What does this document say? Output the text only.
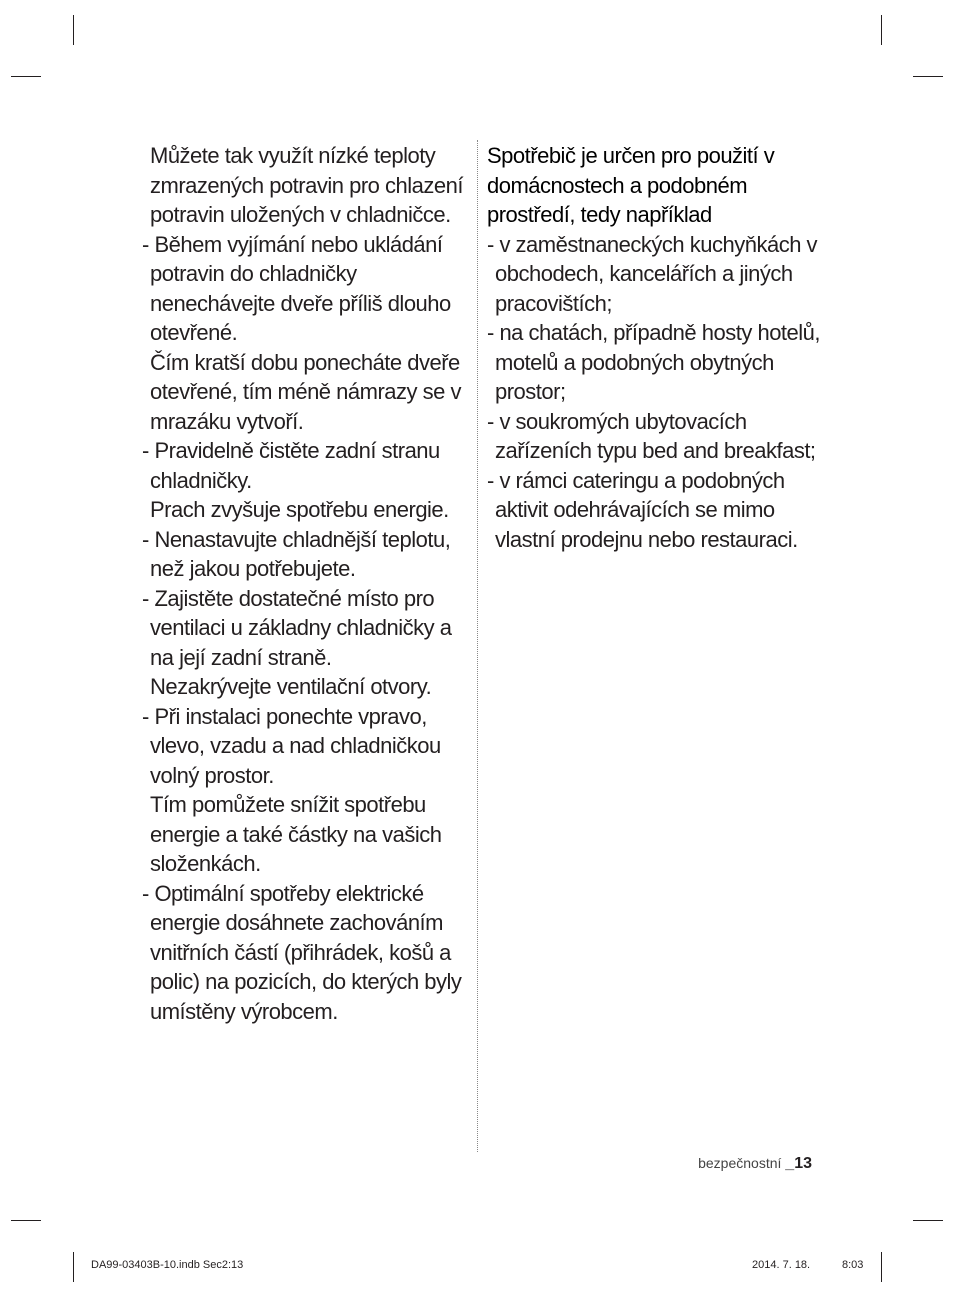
Můžete tak využít nízké teploty zmrazených potravin pro chlazení potravin uložených v chladničce.

- Během vyjímání nebo ukládání potravin do chladničky nenechávejte dveře příliš dlouho otevřené.

Čím kratší dobu ponecháte dveře otevřené, tím méně námrazy se v mrazáku vytvoří.

- Pravidelně čistěte zadní stranu chladničky.

Prach zvyšuje spotřebu energie.

- Nenastavujte chladnější teplotu, než jakou potřebujete.

- Zajistěte dostatečné místo pro ventilaci u základny chladničky a na její zadní straně.

Nezakrývejte ventilační otvory.

- Při instalaci ponechte vpravo, vlevo, vzadu a nad chladničkou volný prostor.

Tím pomůžete snížit spotřebu energie a také částky na vašich složenkách.

- Optimální spotřeby elektrické energie dosáhnete zachováním vnitřních částí (přihrádek, košů a polic) na pozicích, do kterých byly umístěny výrobcem.

Spotřebič je určen pro použití v domácnostech a podobném prostředí, tedy například

- v zaměstnaneckých kuchyňkách v obchodech, kancelářích a jiných pracovištích;

- na chatách, případně hosty hotelů, motelů a podobných obytných prostor;

- v soukromých ubytovacích zařízeních typu bed and breakfast;

- v rámci cateringu a podobných aktivit odehrávajících se mimo vlastní prodejnu nebo restauraci.

bezpečnostní _13
DA99-03403B-10.indb Sec2:13	2014. 7. 18.	8:03
